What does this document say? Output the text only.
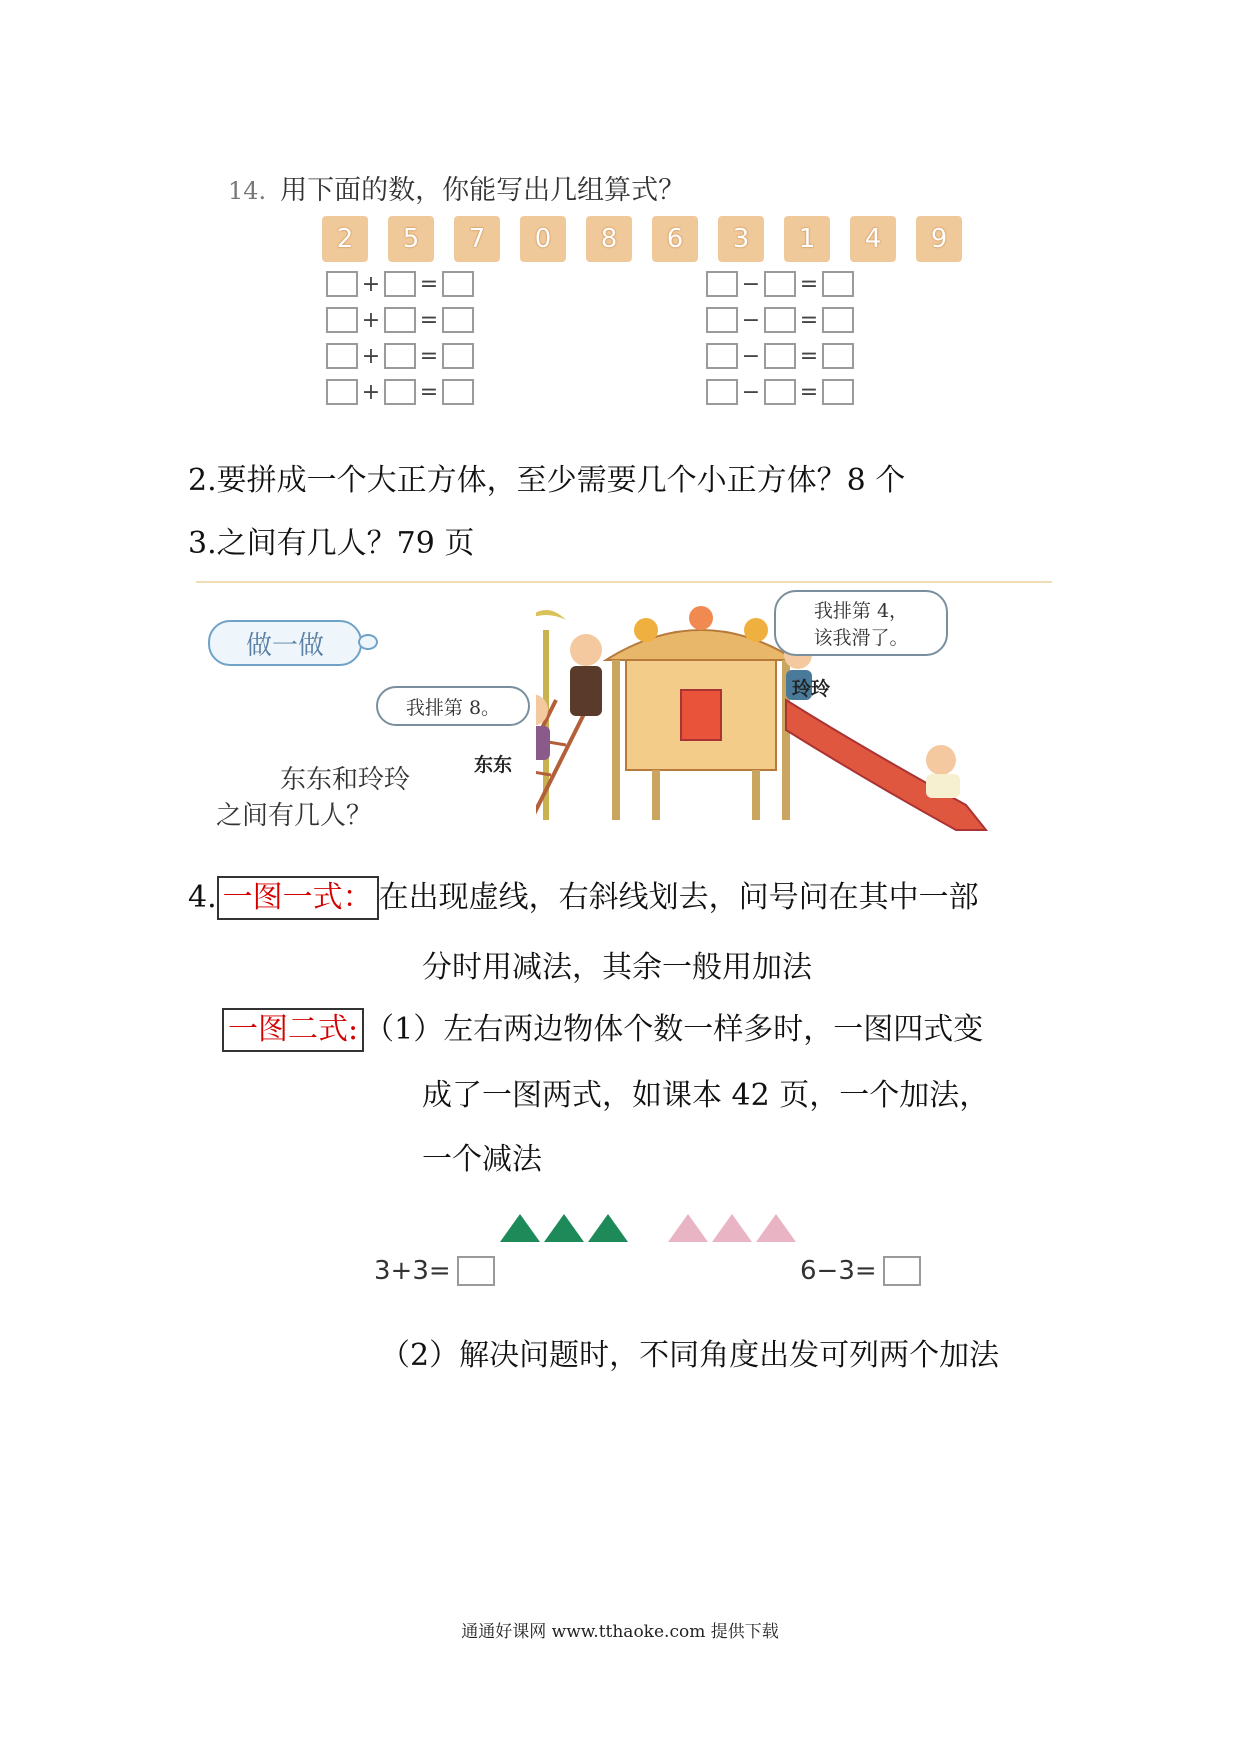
14. 用下面的数，你能写出几组算式？
2	5	7	0	8	6	3	1	4	9
+ =
+ =
+ =
+ =
− =
− =
− =
− =
2.要拼成一个大正方体，至少需要几个小正方体？8 个
3.之间有几人？79 页
做一做
我排第 4，
该我滑了。
我排第 8。
玲玲
东东
东东和玲玲
之间有几人？
4. 一图一式： 在出现虚线，右斜线划去，问号问在其中一部
分时用减法，其余一般用加法
一图二式: （1）左右两边物体个数一样多时，一图四式变
成了一图两式，如课本 42 页，一个加法，
一个减法
3+3=	6−3=
（2）解决问题时，不同角度出发可列两个加法
通通好课网 www.tthaoke.com 提供下载
